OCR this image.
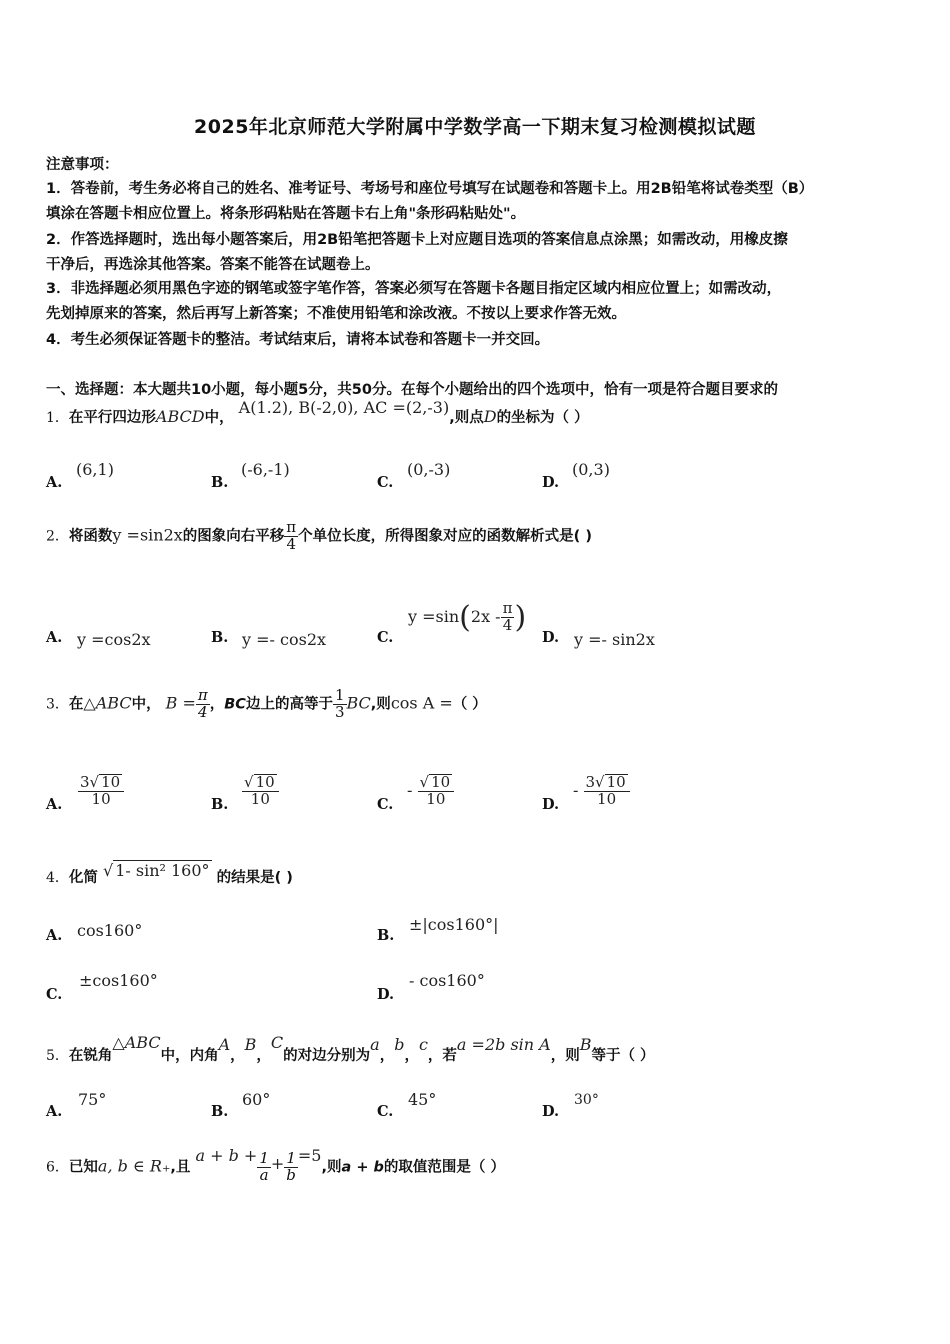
2025年北京师范大学附属中学数学高一下期末复习检测模拟试题
注意事项：
1．答卷前，考生务必将自己的姓名、准考证号、考场号和座位号填写在试题卷和答题卡上。用2B铅笔将试卷类型（B）
填涂在答题卡相应位置上。将条形码粘贴在答题卡右上角"条形码粘贴处"。
2．作答选择题时，选出每小题答案后，用2B铅笔把答题卡上对应题目选项的答案信息点涂黑；如需改动，用橡皮擦
干净后，再选涂其他答案。答案不能答在试题卷上。
3．非选择题必须用黑色字迹的钢笔或签字笔作答，答案必须写在答题卡各题目指定区域内相应位置上；如需改动，
先划掉原来的答案，然后再写上新答案；不准使用铅笔和涂改液。不按以上要求作答无效。
4．考生必须保证答题卡的整洁。考试结束后，请将本试卷和答题卡一并交回。
一、选择题：本大题共10小题，每小题5分，共50分。在每个小题给出的四个选项中，恰有一项是符合题目要求的
1．在平行四边形ABCD中， A(1.2), B(-2,0), AC =(2,-3),则点D的坐标为（ ）
A.
(6,1)
B.
(-6,-1)
C.
(0,-3)
D.
(0,3)
2．将函数y =sin2x的图象向右平移 $\frac{\pi}{4}$ 个单位长度，所得图象对应的函数解析式是( )
A. y =cos2x	B. y =- cos2x	C.
$y =\sin(2x - \frac{\pi}{4}$ )
D. y =- sin2x
3．在△ABC中， $B = \frac{\pi}{4}$ ，BC边上的高等于 $\frac{1}{3}$ BC,则cos A =（ ）
A. $\frac{3√ 10}{10}$	B. $\frac{√ 10}{10}$	C.
- $\frac{√ 10}{10}$	D.
- $\frac{3√ 10}{10}$
4．化简 √ 1- sin² 160° 的结果是( )
A. cos160°	B.
±|cos160°|
C.
±cos160°
D.
- cos160°
5．在锐角△ABC中，内角A，B，C的对边分别为a，b，c，若a =2b sin A，则B等于（ ）
A.
75°
B.
60°
C.
45°
D.
30°
6．已知a, b ∈ R₊,且 $a + b + \frac{1}{a} + \frac{1}{b} =5$,则a + b的取值范围是（ ）
